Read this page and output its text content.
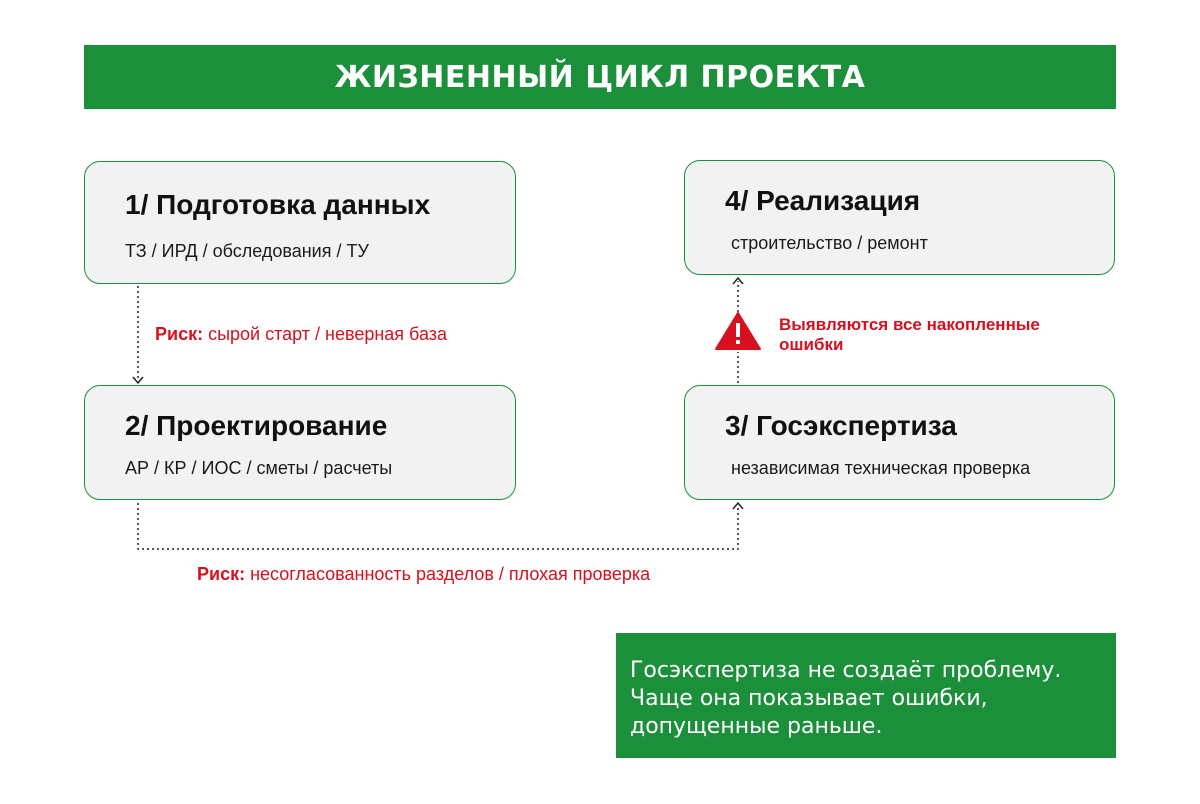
ЖИЗНЕННЫЙ ЦИКЛ ПРОЕКТА
1/ Подготовка данных
ТЗ / ИРД / обследования / ТУ
2/ Проектирование
АР / КР / ИОС / сметы / расчеты
3/ Госэкспертиза
независимая техническая проверка
4/ Реализация
строительство / ремонт
Риск: сырой старт / неверная база
Риск: несогласованность разделов / плохая проверка
Выявляются все накопленные
ошибки
Госэкспертиза не создаёт проблему.
Чаще она показывает ошибки,
допущенные раньше.
